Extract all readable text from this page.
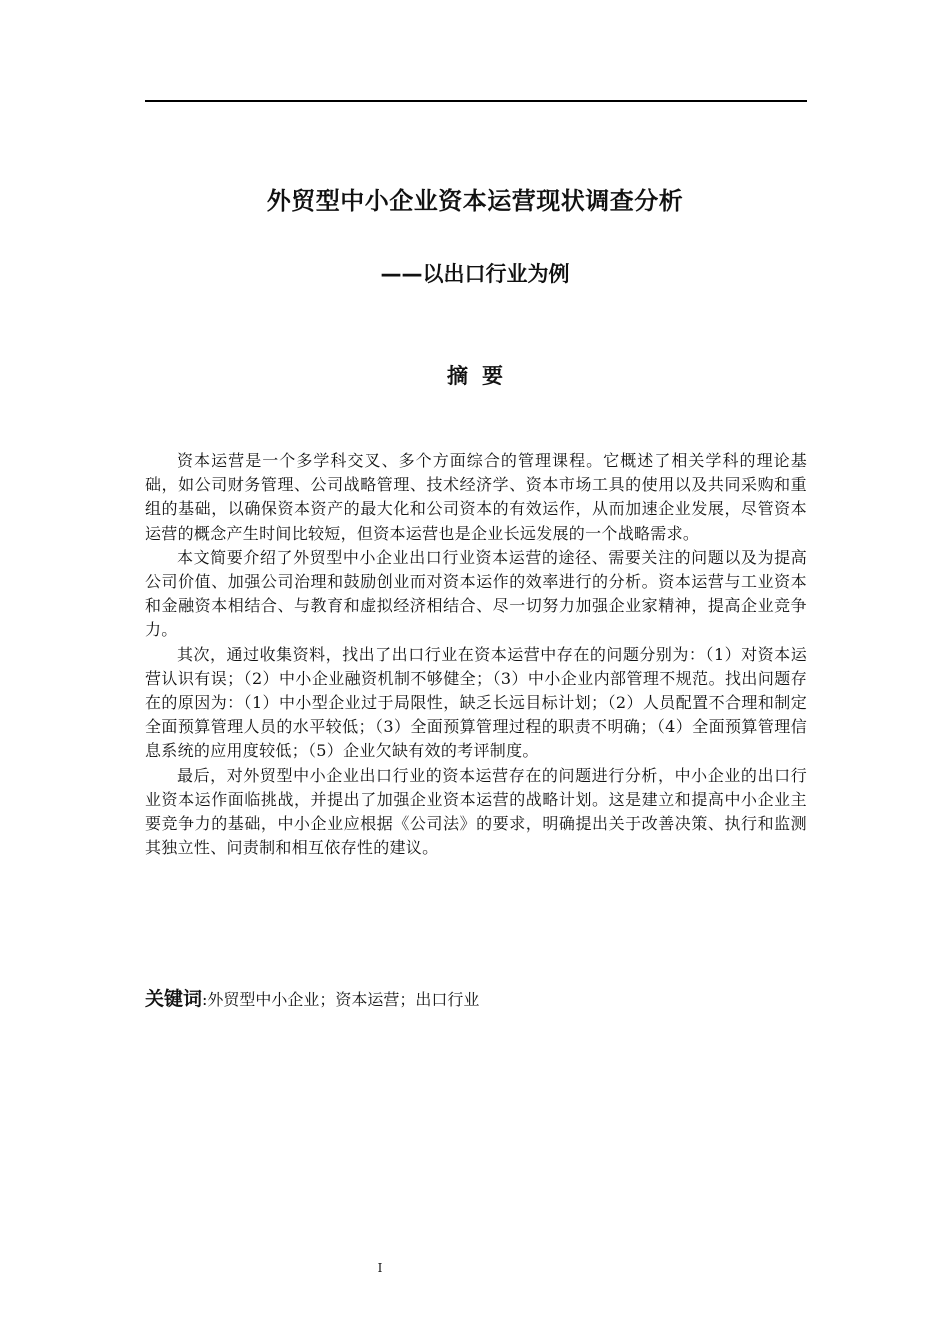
外贸型中小企业资本运营现状调查分析
——以出口行业为例
摘要

资本运营是一个多学科交叉、多个方面综合的管理课程。它概述了相关学科的理论基础，如公司财务管理、公司战略管理、技术经济学、资本市场工具的使用以及共同采购和重组的基础，以确保资本资产的最大化和公司资本的有效运作，从而加速企业发展，尽管资本运营的概念产生时间比较短，但资本运营也是企业长远发展的一个战略需求。

本文简要介绍了外贸型中小企业出口行业资本运营的途径、需要关注的问题以及为提高公司价值、加强公司治理和鼓励创业而对资本运作的效率进行的分析。资本运营与工业资本和金融资本相结合、与教育和虚拟经济相结合、尽一切努力加强企业家精神，提高企业竞争力。

其次，通过收集资料，找出了出口行业在资本运营中存在的问题分别为：（1）对资本运营认识有误；（2）中小企业融资机制不够健全；（3）中小企业内部管理不规范。找出问题存在的原因为：（1）中小型企业过于局限性，缺乏长远目标计划；（2）人员配置不合理和制定全面预算管理人员的水平较低；（3）全面预算管理过程的职责不明确；（4）全面预算管理信息系统的应用度较低；（5）企业欠缺有效的考评制度。

最后，对外贸型中小企业出口行业的资本运营存在的问题进行分析，中小企业的出口行业资本运作面临挑战，并提出了加强企业资本运营的战略计划。这是建立和提高中小企业主要竞争力的基础，中小企业应根据《公司法》的要求，明确提出关于改善决策、执行和监测其独立性、问责制和相互依存性的建议。

关键词:外贸型中小企业；资本运营；出口行业
I
